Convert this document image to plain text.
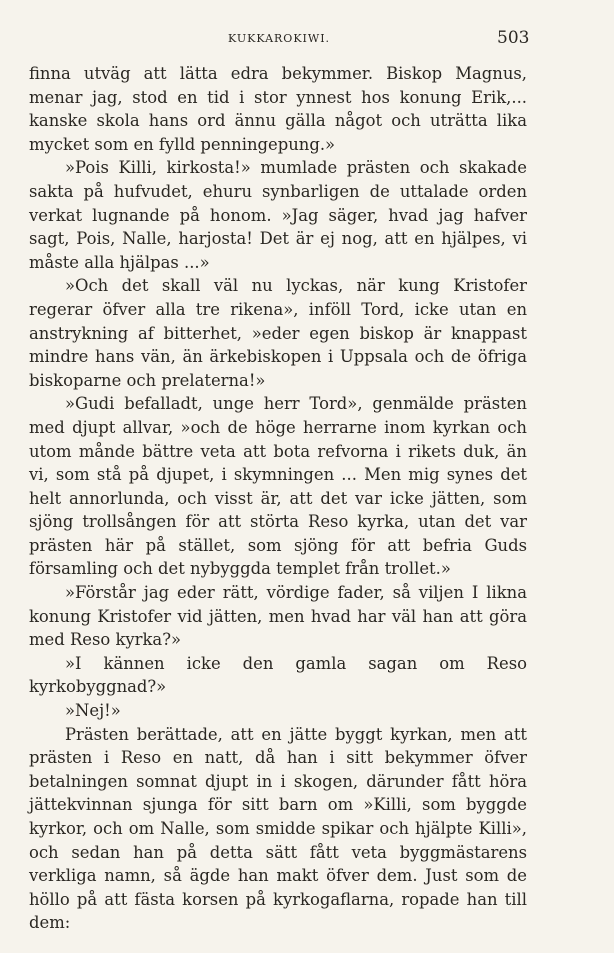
KUKKAROKIWI.	503

finna utväg att lätta edra bekymmer. Biskop Magnus, menar jag, stod en tid i stor ynnest hos konung Erik,... kanske skola hans ord ännu gälla något och uträtta lika mycket som en fylld penningepung.»

»Pois Killi, kirkosta!» mumlade prästen och skakade sakta på hufvudet, ehuru synbarligen de uttalade orden verkat lugnande på honom. »Jag säger, hvad jag hafver sagt, Pois, Nalle, harjosta! Det är ej nog, att en hjälpes, vi måste alla hjälpas ...»

»Och det skall väl nu lyckas, när kung Kristofer regerar öfver alla tre rikena», inföll Tord, icke utan en anstrykning af bitterhet, »eder egen biskop är knappast mindre hans vän, än ärkebiskopen i Uppsala och de öfriga biskoparne och prelaterna!»

»Gudi befalladt, unge herr Tord», genmälde prästen med djupt allvar, »och de höge herrarne inom kyrkan och utom månde bättre veta att bota refvorna i rikets duk, än vi, som stå på djupet, i skymningen ... Men mig synes det helt annorlunda, och visst är, att det var icke jätten, som sjöng trollsången för att störta Reso kyrka, utan det var prästen här på stället, som sjöng för att befria Guds församling och det nybyggda templet från trollet.»

»Förstår jag eder rätt, vördige fader, så viljen I likna konung Kristofer vid jätten, men hvad har väl han att göra med Reso kyrka?»

»I kännen icke den gamla sagan om Reso kyrkobyggnad?»

»Nej!»

Prästen berättade, att en jätte byggt kyrkan, men att prästen i Reso en natt, då han i sitt bekymmer öfver betalningen somnat djupt in i skogen, därunder fått höra jättekvinnan sjunga för sitt barn om »Killi, som byggde kyrkor, och om Nalle, som smidde spikar och hjälpte Killi», och sedan han på detta sätt fått veta byggmästarens verkliga namn, så ägde han makt öfver dem. Just som de höllo på att fästa korsen på kyrkogaflarna, ropade han till dem:
